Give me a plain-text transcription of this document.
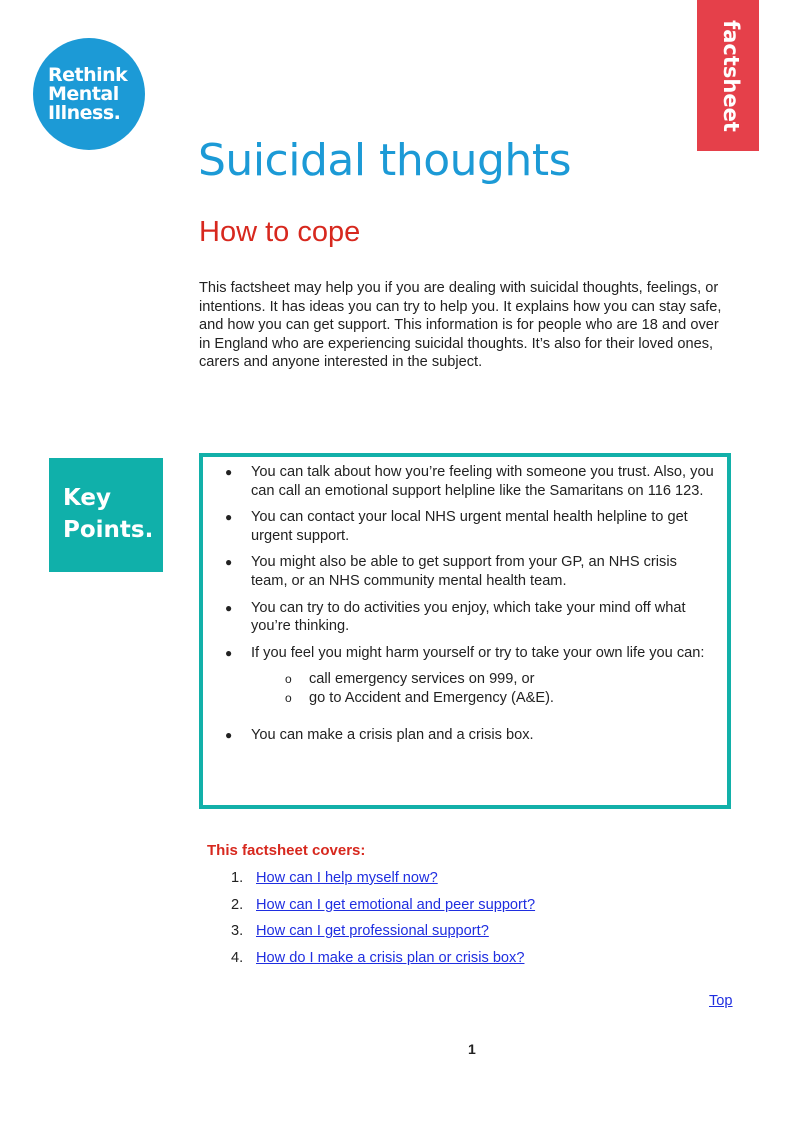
Rethink
Mental
Illness.	factsheet
Suicidal thoughts
How to cope

This factsheet may help you if you are dealing with suicidal thoughts, feelings, or intentions. It has ideas you can try to help you. It explains how you can stay safe, and how you can get support. This information is for people who are 18 and over in England who are experiencing suicidal thoughts. It’s also for their loved ones, carers and anyone interested in the subject.

Key
Points.
● You can talk about how you’re feeling with someone you trust. Also, you can call an emotional support helpline like the Samaritans on 116 123.
● You can contact your local NHS urgent mental health helpline to get urgent support.
● You might also be able to get support from your GP, an NHS crisis team, or an NHS community mental health team.
● You can try to do activities you enjoy, which take your mind off what you’re thinking.
● If you feel you might harm yourself or try to take your own life you can:
o call emergency services on 999, or
o go to Accident and Emergency (A&E).
● You can make a crisis plan and a crisis box.
This factsheet covers:
1. How can I help myself now?
2. How can I get emotional and peer support?
3. How can I get professional support?
4. How do I make a crisis plan or crisis box?
Top
1
